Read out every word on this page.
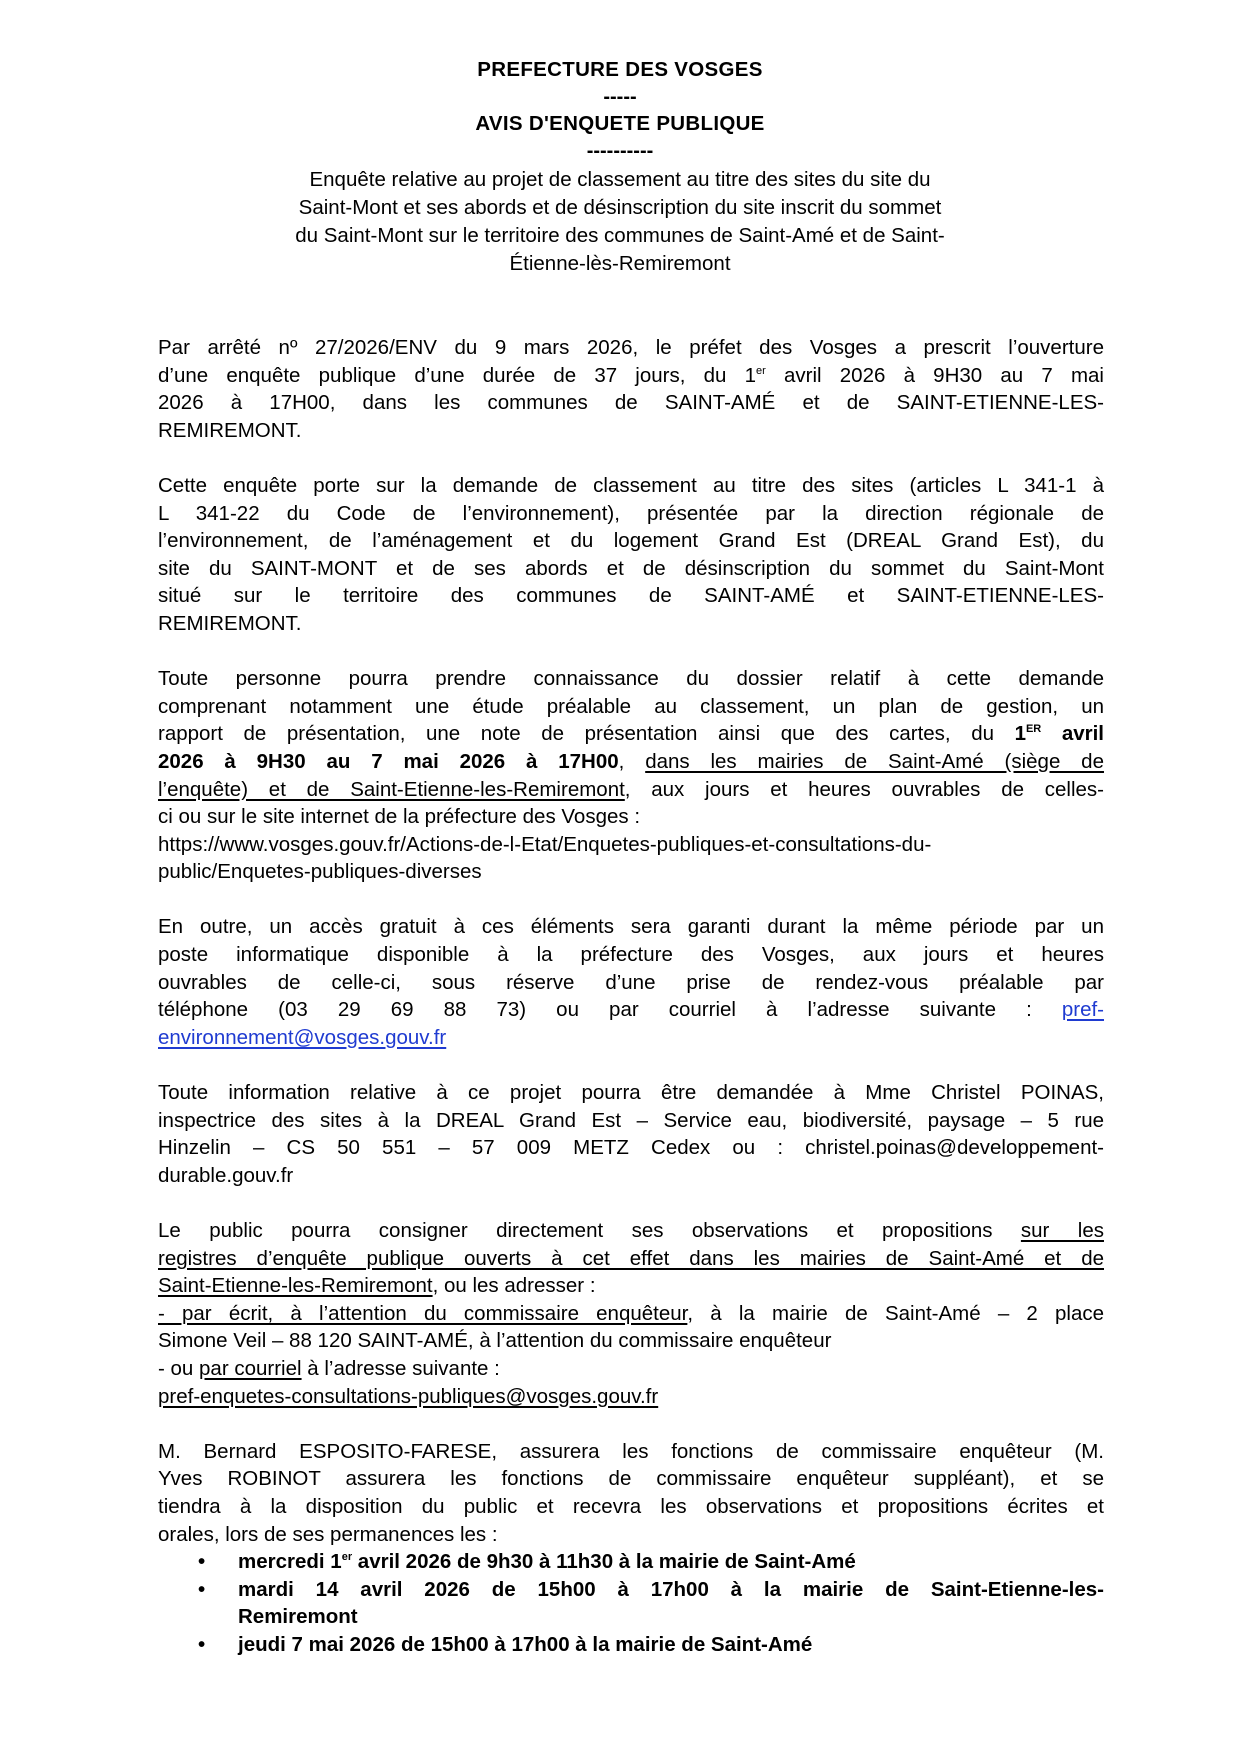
PREFECTURE DES VOSGES

-----

AVIS D'ENQUETE PUBLIQUE

----------

Enquête relative au projet de classement au titre des sites du site du
Saint-Mont et ses abords et de désinscription du site inscrit du sommet
du Saint-Mont sur le territoire des communes de Saint-Amé et de Saint-
Étienne-lès-Remiremont

Par arrêté nº 27/2026/ENV du 9 mars 2026, le préfet des Vosges a prescrit l’ouverture
d’une enquête publique d’une durée de 37 jours, du 1er avril 2026 à 9H30 au 7 mai
2026 à 17H00, dans les communes de SAINT-AMÉ et de SAINT-ETIENNE-LES-
REMIREMONT.
Cette enquête porte sur la demande de classement au titre des sites (articles L 341-1 à
L 341-22 du Code de l’environnement), présentée par la direction régionale de
l’environnement, de l’aménagement et du logement Grand Est (DREAL Grand Est), du
site du SAINT-MONT et de ses abords et de désinscription du sommet du Saint-Mont
situé sur le territoire des communes de SAINT-AMÉ et SAINT-ETIENNE-LES-
REMIREMONT.
Toute personne pourra prendre connaissance du dossier relatif à cette demande
comprenant notamment une étude préalable au classement, un plan de gestion, un
rapport de présentation, une note de présentation ainsi que des cartes, du 1ER avril
2026 à 9H30 au 7 mai 2026 à 17H00, dans les mairies de Saint-Amé (siège de
l’enquête) et de Saint-Etienne-les-Remiremont, aux jours et heures ouvrables de celles-
ci ou sur le site internet de la préfecture des Vosges :
https://www.vosges.gouv.fr/Actions-de-l-Etat/Enquetes-publiques-et-consultations-du-
public/Enquetes-publiques-diverses
En outre, un accès gratuit à ces éléments sera garanti durant la même période par un
poste informatique disponible à la préfecture des Vosges, aux jours et heures
ouvrables de celle-ci, sous réserve d’une prise de rendez-vous préalable par
téléphone (03 29 69 88 73) ou par courriel à l’adresse suivante : pref-
environnement@vosges.gouv.fr
Toute information relative à ce projet pourra être demandée à Mme Christel POINAS,
inspectrice des sites à la DREAL Grand Est – Service eau, biodiversité, paysage – 5 rue
Hinzelin – CS 50 551 – 57 009 METZ Cedex ou : christel.poinas@developpement-
durable.gouv.fr
Le public pourra consigner directement ses observations et propositions sur les
registres d’enquête publique ouverts à cet effet dans les mairies de Saint-Amé et de
Saint-Etienne-les-Remiremont, ou les adresser :
- par écrit, à l’attention du commissaire enquêteur, à la mairie de Saint-Amé – 2 place
Simone Veil – 88 120 SAINT-AMÉ, à l’attention du commissaire enquêteur
- ou par courriel à l’adresse suivante :
pref-enquetes-consultations-publiques@vosges.gouv.fr
M. Bernard ESPOSITO-FARESE, assurera les fonctions de commissaire enquêteur (M.
Yves ROBINOT assurera les fonctions de commissaire enquêteur suppléant), et se
tiendra à la disposition du public et recevra les observations et propositions écrites et
orales, lors de ses permanences les :
• mercredi 1er avril 2026 de 9h30 à 11h30 à la mairie de Saint-Amé
• mardi 14 avril 2026 de 15h00 à 17h00 à la mairie de Saint-Etienne-les-
Remiremont
• jeudi 7 mai 2026 de 15h00 à 17h00 à la mairie de Saint-Amé
